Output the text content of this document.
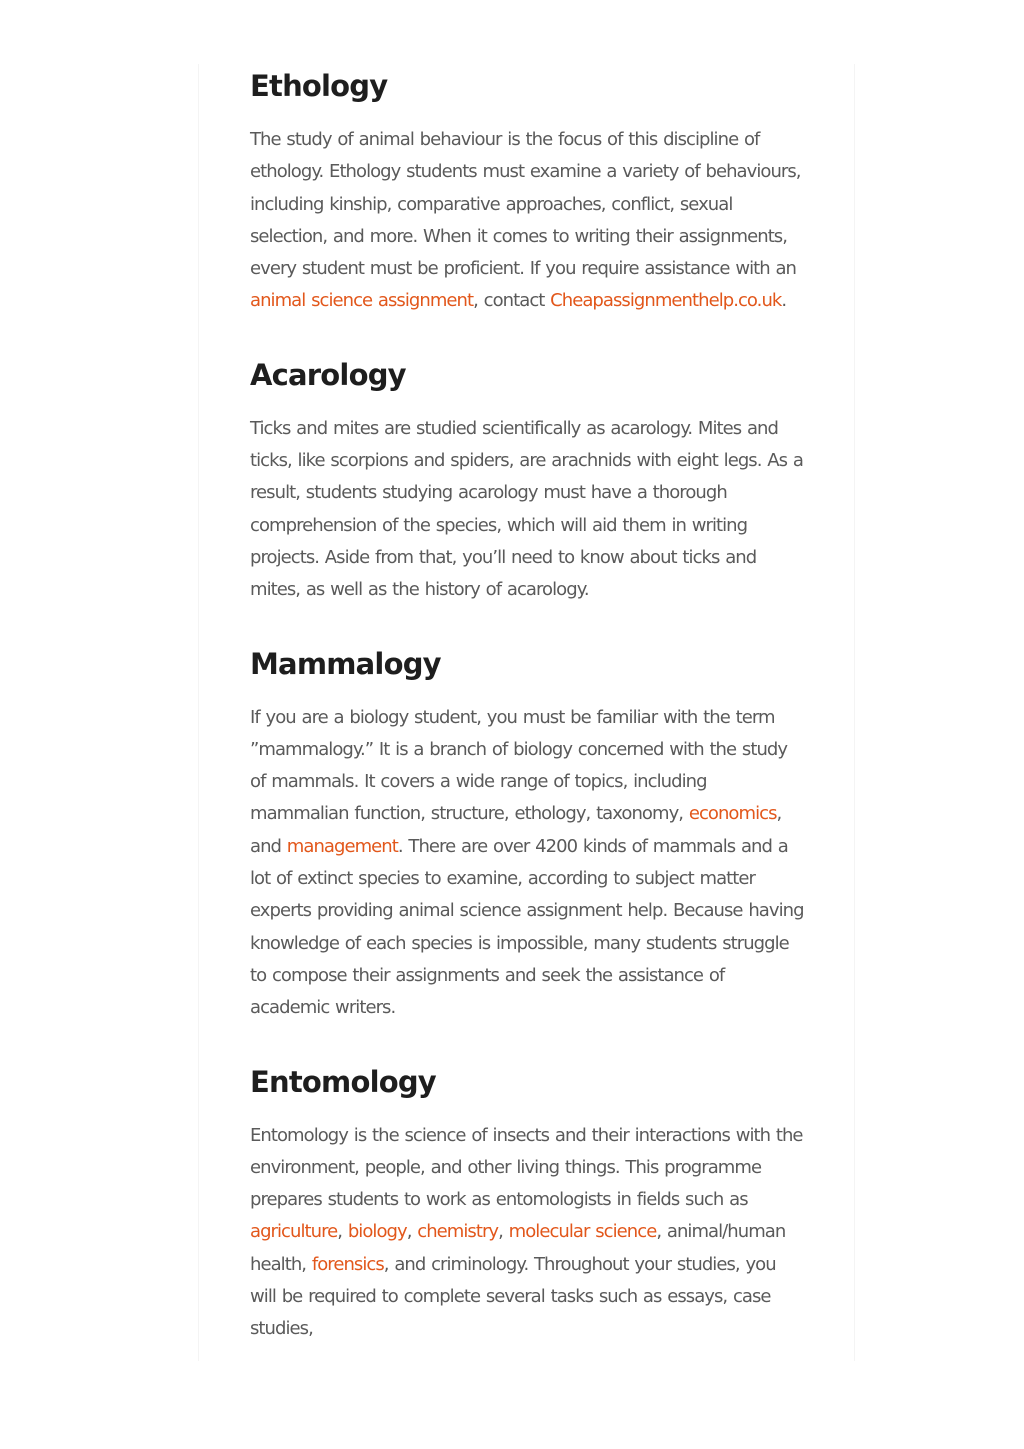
Ethology

The study of animal behaviour is the focus of this discipline of ethology. Ethology students must examine a variety of behaviours, including kinship, comparative approaches, conflict, sexual selection, and more. When it comes to writing their assignments, every student must be proficient. If you require assistance with an animal science assignment, contact Cheapassignmenthelp.co.uk.

Acarology

Ticks and mites are studied scientifically as acarology. Mites and ticks, like scorpions and spiders, are arachnids with eight legs. As a result, students studying acarology must have a thorough comprehension of the species, which will aid them in writing projects. Aside from that, you’ll need to know about ticks and mites, as well as the history of acarology.

Mammalogy

If you are a biology student, you must be familiar with the term ”mammalogy.” It is a branch of biology concerned with the study of mammals. It covers a wide range of topics, including mammalian function, structure, ethology, taxonomy, economics, and management. There are over 4200 kinds of mammals and a lot of extinct species to examine, according to subject matter experts providing animal science assignment help. Because having knowledge of each species is impossible, many students struggle to compose their assignments and seek the assistance of academic writers.

Entomology

Entomology is the science of insects and their interactions with the environment, people, and other living things. This programme prepares students to work as entomologists in fields such as agriculture, biology, chemistry, molecular science, animal/human health, forensics, and criminology. Throughout your studies, you will be required to complete several tasks such as essays, case studies,
